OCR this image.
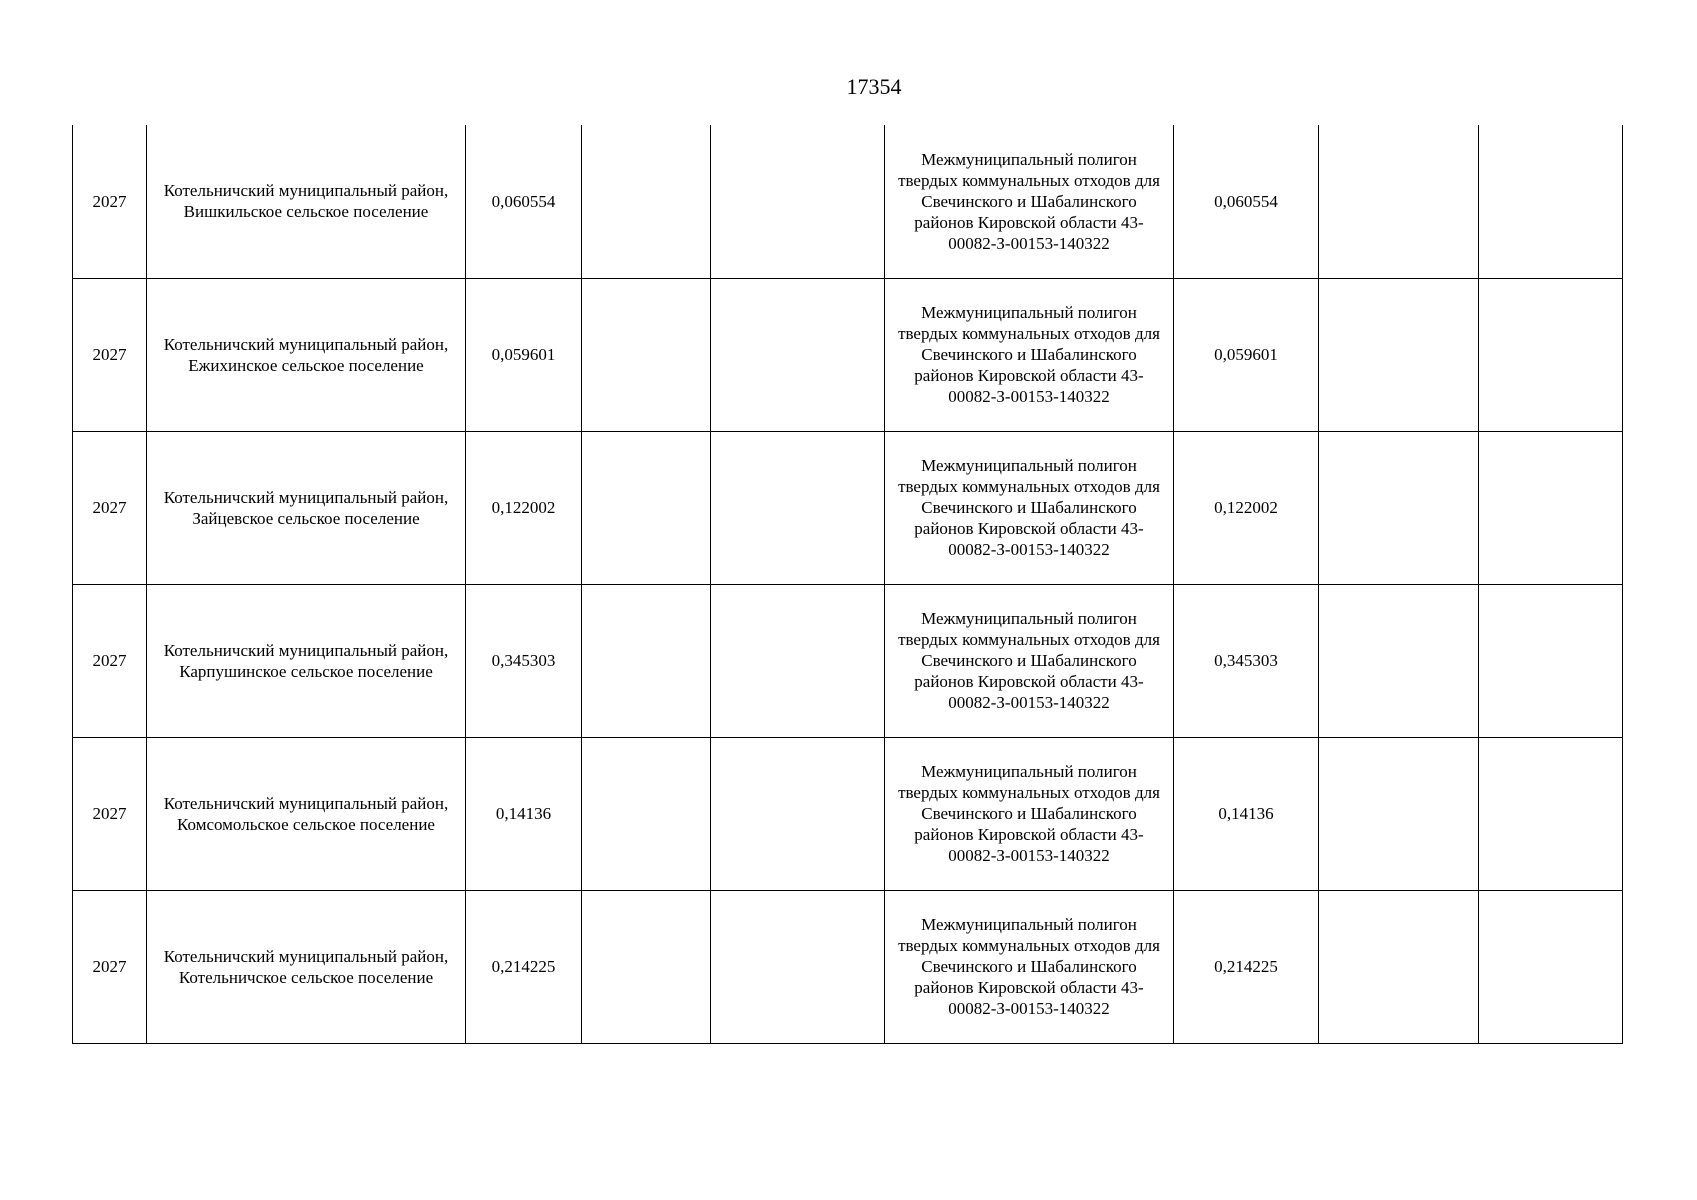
17354
2027	Котельничский муниципальный район, Вишкильское сельское поселение	0,060554			Межмуниципальный полигон твердых коммунальных отходов для Свечинского и Шабалинского районов Кировской области 43-00082-З-00153-140322	0,060554		
2027	Котельничский муниципальный район, Ежихинское сельское поселение	0,059601			Межмуниципальный полигон твердых коммунальных отходов для Свечинского и Шабалинского районов Кировской области 43-00082-З-00153-140322	0,059601		
2027	Котельничский муниципальный район, Зайцевское сельское поселение	0,122002			Межмуниципальный полигон твердых коммунальных отходов для Свечинского и Шабалинского районов Кировской области 43-00082-З-00153-140322	0,122002		
2027	Котельничский муниципальный район, Карпушинское сельское поселение	0,345303			Межмуниципальный полигон твердых коммунальных отходов для Свечинского и Шабалинского районов Кировской области 43-00082-З-00153-140322	0,345303		
2027	Котельничский муниципальный район, Комсомольское сельское поселение	0,14136			Межмуниципальный полигон твердых коммунальных отходов для Свечинского и Шабалинского районов Кировской области 43-00082-З-00153-140322	0,14136		
2027	Котельничский муниципальный район, Котельничское сельское поселение	0,214225			Межмуниципальный полигон твердых коммунальных отходов для Свечинского и Шабалинского районов Кировской области 43-00082-З-00153-140322	0,214225		
